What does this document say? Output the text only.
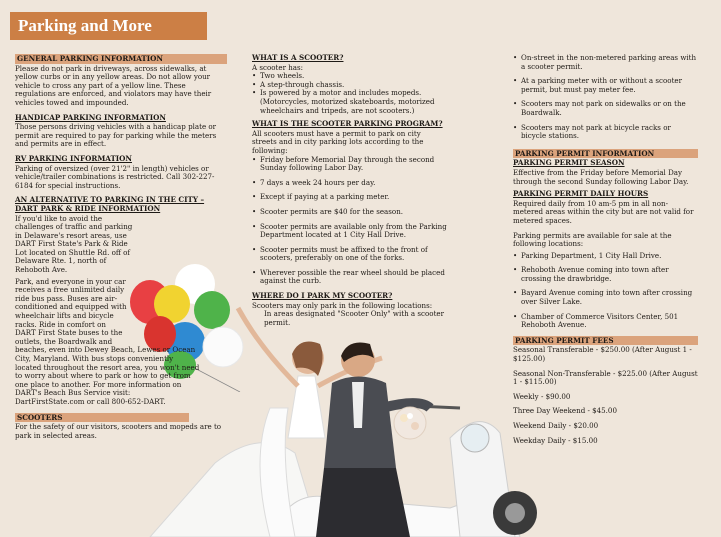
Parking and More
GENERAL PARKING INFORMATION

Please do not park in driveways, across sidewalks, at yellow curbs or in any yellow areas. Do not allow your vehicle to cross any part of a yellow line. These regulations are enforced, and violators may have their vehicles towed and impounded.

HANDICAP PARKING INFORMATION

Those persons driving vehicles with a handicap plate or permit are required to pay for parking while the meters and permits are in effect.

RV PARKING INFORMATION

Parking of oversized (over 21'2" in length) vehicles or vehicle/trailer combinations is restricted. Call 302-227-6184 for special instructions.

AN ALTERNATIVE TO PARKING IN THE CITY – DART PARK & RIDE INFORMATION

If you'd like to avoid the challenges of traffic and parking in Delaware's resort areas, use DART First State's Park & Ride Lot located on Shuttle Rd. off of Delaware Rte. 1, north of Rehoboth Ave.

Park, and everyone in your car receives a free unlimited daily ride bus pass. Buses are air-conditioned and equipped with wheelchair lifts and bicycle racks. Ride in comfort on DART First State buses to the outlets, the Boardwalk and

beaches, even into Dewey Beach, Lewes or Ocean City, Maryland. With bus stops conveniently located throughout the resort area, you won't need to worry about where to park or how to get from one place to another. For more information on DART's Beach Bus Service visit: DartFirstState.com or call 800-652-DART.

SCOOTERS

For the safety of our visitors, scooters and mopeds are to park in selected areas.

WHAT IS A SCOOTER?

A scooter has:

• Two wheels.
• A step-through chassis.
• Is powered by a motor and includes mopeds. (Motorcycles, motorized skateboards, motorized wheelchairs and tripeds, are not scooters.)
WHAT IS THE SCOOTER PARKING PROGRAM?

All scooters must have a permit to park on city streets and in city parking lots according to the following:

• Friday before Memorial Day through the second Sunday following Labor Day.
• 7 days a week 24 hours per day.
• Except if paying at a parking meter.
• Scooter permits are $40 for the season.
• Scooter permits are available only from the Parking Department located at 1 City Hall Drive.
• Scooter permits must be affixed to the front of scooters, preferably on one of the forks.
• Wherever possible the rear wheel should be placed against the curb.
WHERE DO I PARK MY SCOOTER?

Scooters may only park in the following locations:

In areas designated "Scooter Only" with a scooter permit.

• On-street in the non-metered parking areas with a scooter permit.
• At a parking meter with or without a scooter permit, but must pay meter fee.
• Scooters may not park on sidewalks or on the Boardwalk.
• Scooters may not park at bicycle racks or bicycle stations.
PARKING PERMIT INFORMATION
PARKING PERMIT SEASON

Effective from the Friday before Memorial Day through the second Sunday following Labor Day.

PARKING PERMIT DAILY HOURS

Required daily from 10 am-5 pm in all non-metered areas within the city but are not valid for metered spaces.

Parking permits are available for sale at the following locations:

• Parking Department, 1 City Hall Drive.
• Rehoboth Avenue coming into town after crossing the drawbridge.
• Bayard Avenue coming into town after crossing over Silver Lake.
• Chamber of Commerce Visitors Center, 501 Rehoboth Avenue.
PARKING PERMIT FEES

Seasonal Transferable - $250.00 (After August 1 - $125.00)

Seasonal Non-Transferable - $225.00 (After August 1 - $115.00)

Weekly - $90.00

Three Day Weekend - $45.00

Weekend Daily - $20.00

Weekday Daily - $15.00
